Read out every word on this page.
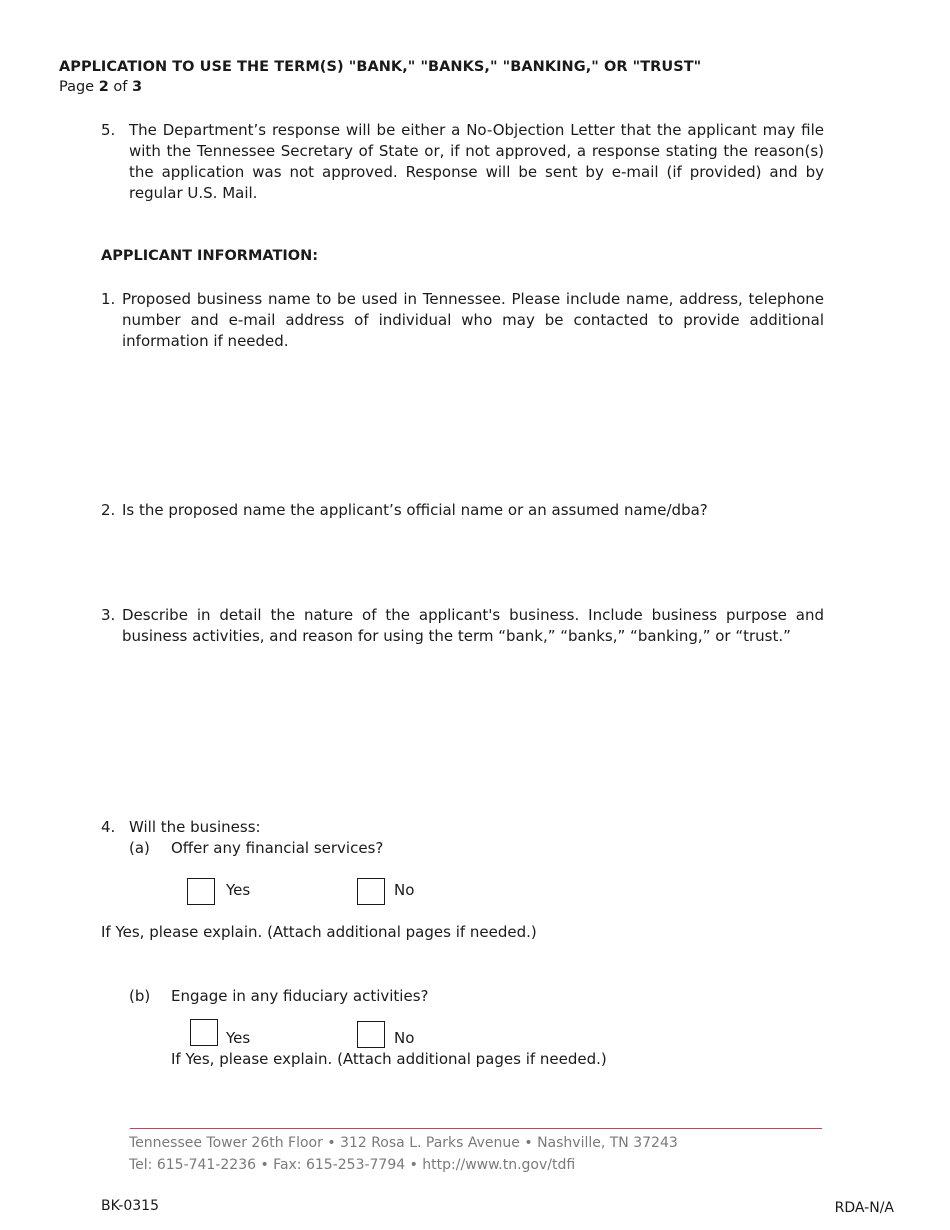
APPLICATION TO USE THE TERM(S) "BANK," "BANKS," "BANKING," OR "TRUST"
Page 2 of 3
5. The Department’s response will be either a No-Objection Letter that the applicant may file with the Tennessee Secretary of State or, if not approved, a response stating the reason(s) the application was not approved. Response will be sent by e-mail (if provided) and by regular U.S. Mail.
APPLICANT INFORMATION:
1. Proposed business name to be used in Tennessee. Please include name, address, telephone number and e-mail address of individual who may be contacted to provide additional information if needed.
2. Is the proposed name the applicant’s official name or an assumed name/dba?
3. Describe in detail the nature of the applicant's business. Include business purpose and business activities, and reason for using the term “bank,” “banks,” “banking,” or “trust.”
4. Will the business:
(a) Offer any financial services?
Yes	No
If Yes, please explain. (Attach additional pages if needed.)
(b) Engage in any fiduciary activities?
Yes	No
If Yes, please explain. (Attach additional pages if needed.)
Tennessee Tower 26th Floor • 312 Rosa L. Parks Avenue • Nashville, TN 37243
Tel: 615-741-2236 • Fax: 615-253-7794 • http://www.tn.gov/tdfi
BK-0315	RDA-N/A
